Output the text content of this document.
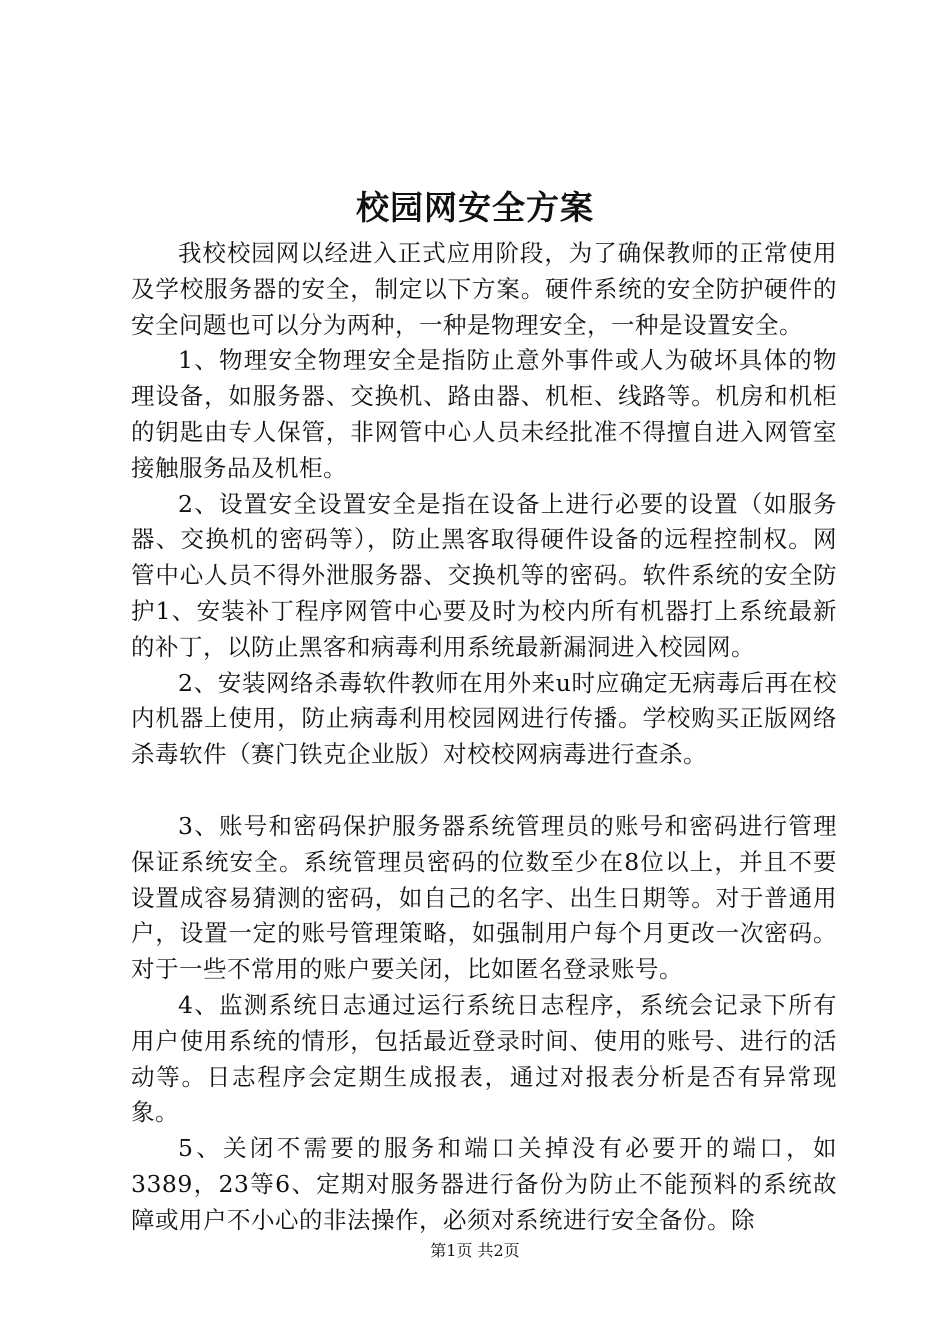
校园网安全方案

我校校园网以经进入正式应用阶段，为了确保教师的正常使用及学校服务器的安全，制定以下方案。硬件系统的安全防护硬件的安全问题也可以分为两种，一种是物理安全，一种是设置安全。

1、物理安全物理安全是指防止意外事件或人为破坏具体的物理设备，如服务器、交换机、路由器、机柜、线路等。机房和机柜的钥匙由专人保管，非网管中心人员未经批准不得擅自进入网管室接触服务品及机柜。

2、设置安全设置安全是指在设备上进行必要的设置（如服务器、交换机的密码等），防止黑客取得硬件设备的远程控制权。网管中心人员不得外泄服务器、交换机等的密码。软件系统的安全防护1、安装补丁程序网管中心要及时为校内所有机器打上系统最新的补丁，以防止黑客和病毒利用系统最新漏洞进入校园网。

2、安装网络杀毒软件教师在用外来u时应确定无病毒后再在校内机器上使用，防止病毒利用校园网进行传播。学校购买正版网络杀毒软件（赛门铁克企业版）对校校网病毒进行查杀。

3、账号和密码保护服务器系统管理员的账号和密码进行管理保证系统安全。系统管理员密码的位数至少在8位以上，并且不要设置成容易猜测的密码，如自己的名字、出生日期等。对于普通用户，设置一定的账号管理策略，如强制用户每个月更改一次密码。对于一些不常用的账户要关闭，比如匿名登录账号。

4、监测系统日志通过运行系统日志程序，系统会记录下所有用户使用系统的情形，包括最近登录时间、使用的账号、进行的活动等。日志程序会定期生成报表，通过对报表分析是否有异常现象。

5、关闭不需要的服务和端口关掉没有必要开的端口，如3389，23等6、定期对服务器进行备份为防止不能预料的系统故障或用户不小心的非法操作，必须对系统进行安全备份。除

第1页 共2页
